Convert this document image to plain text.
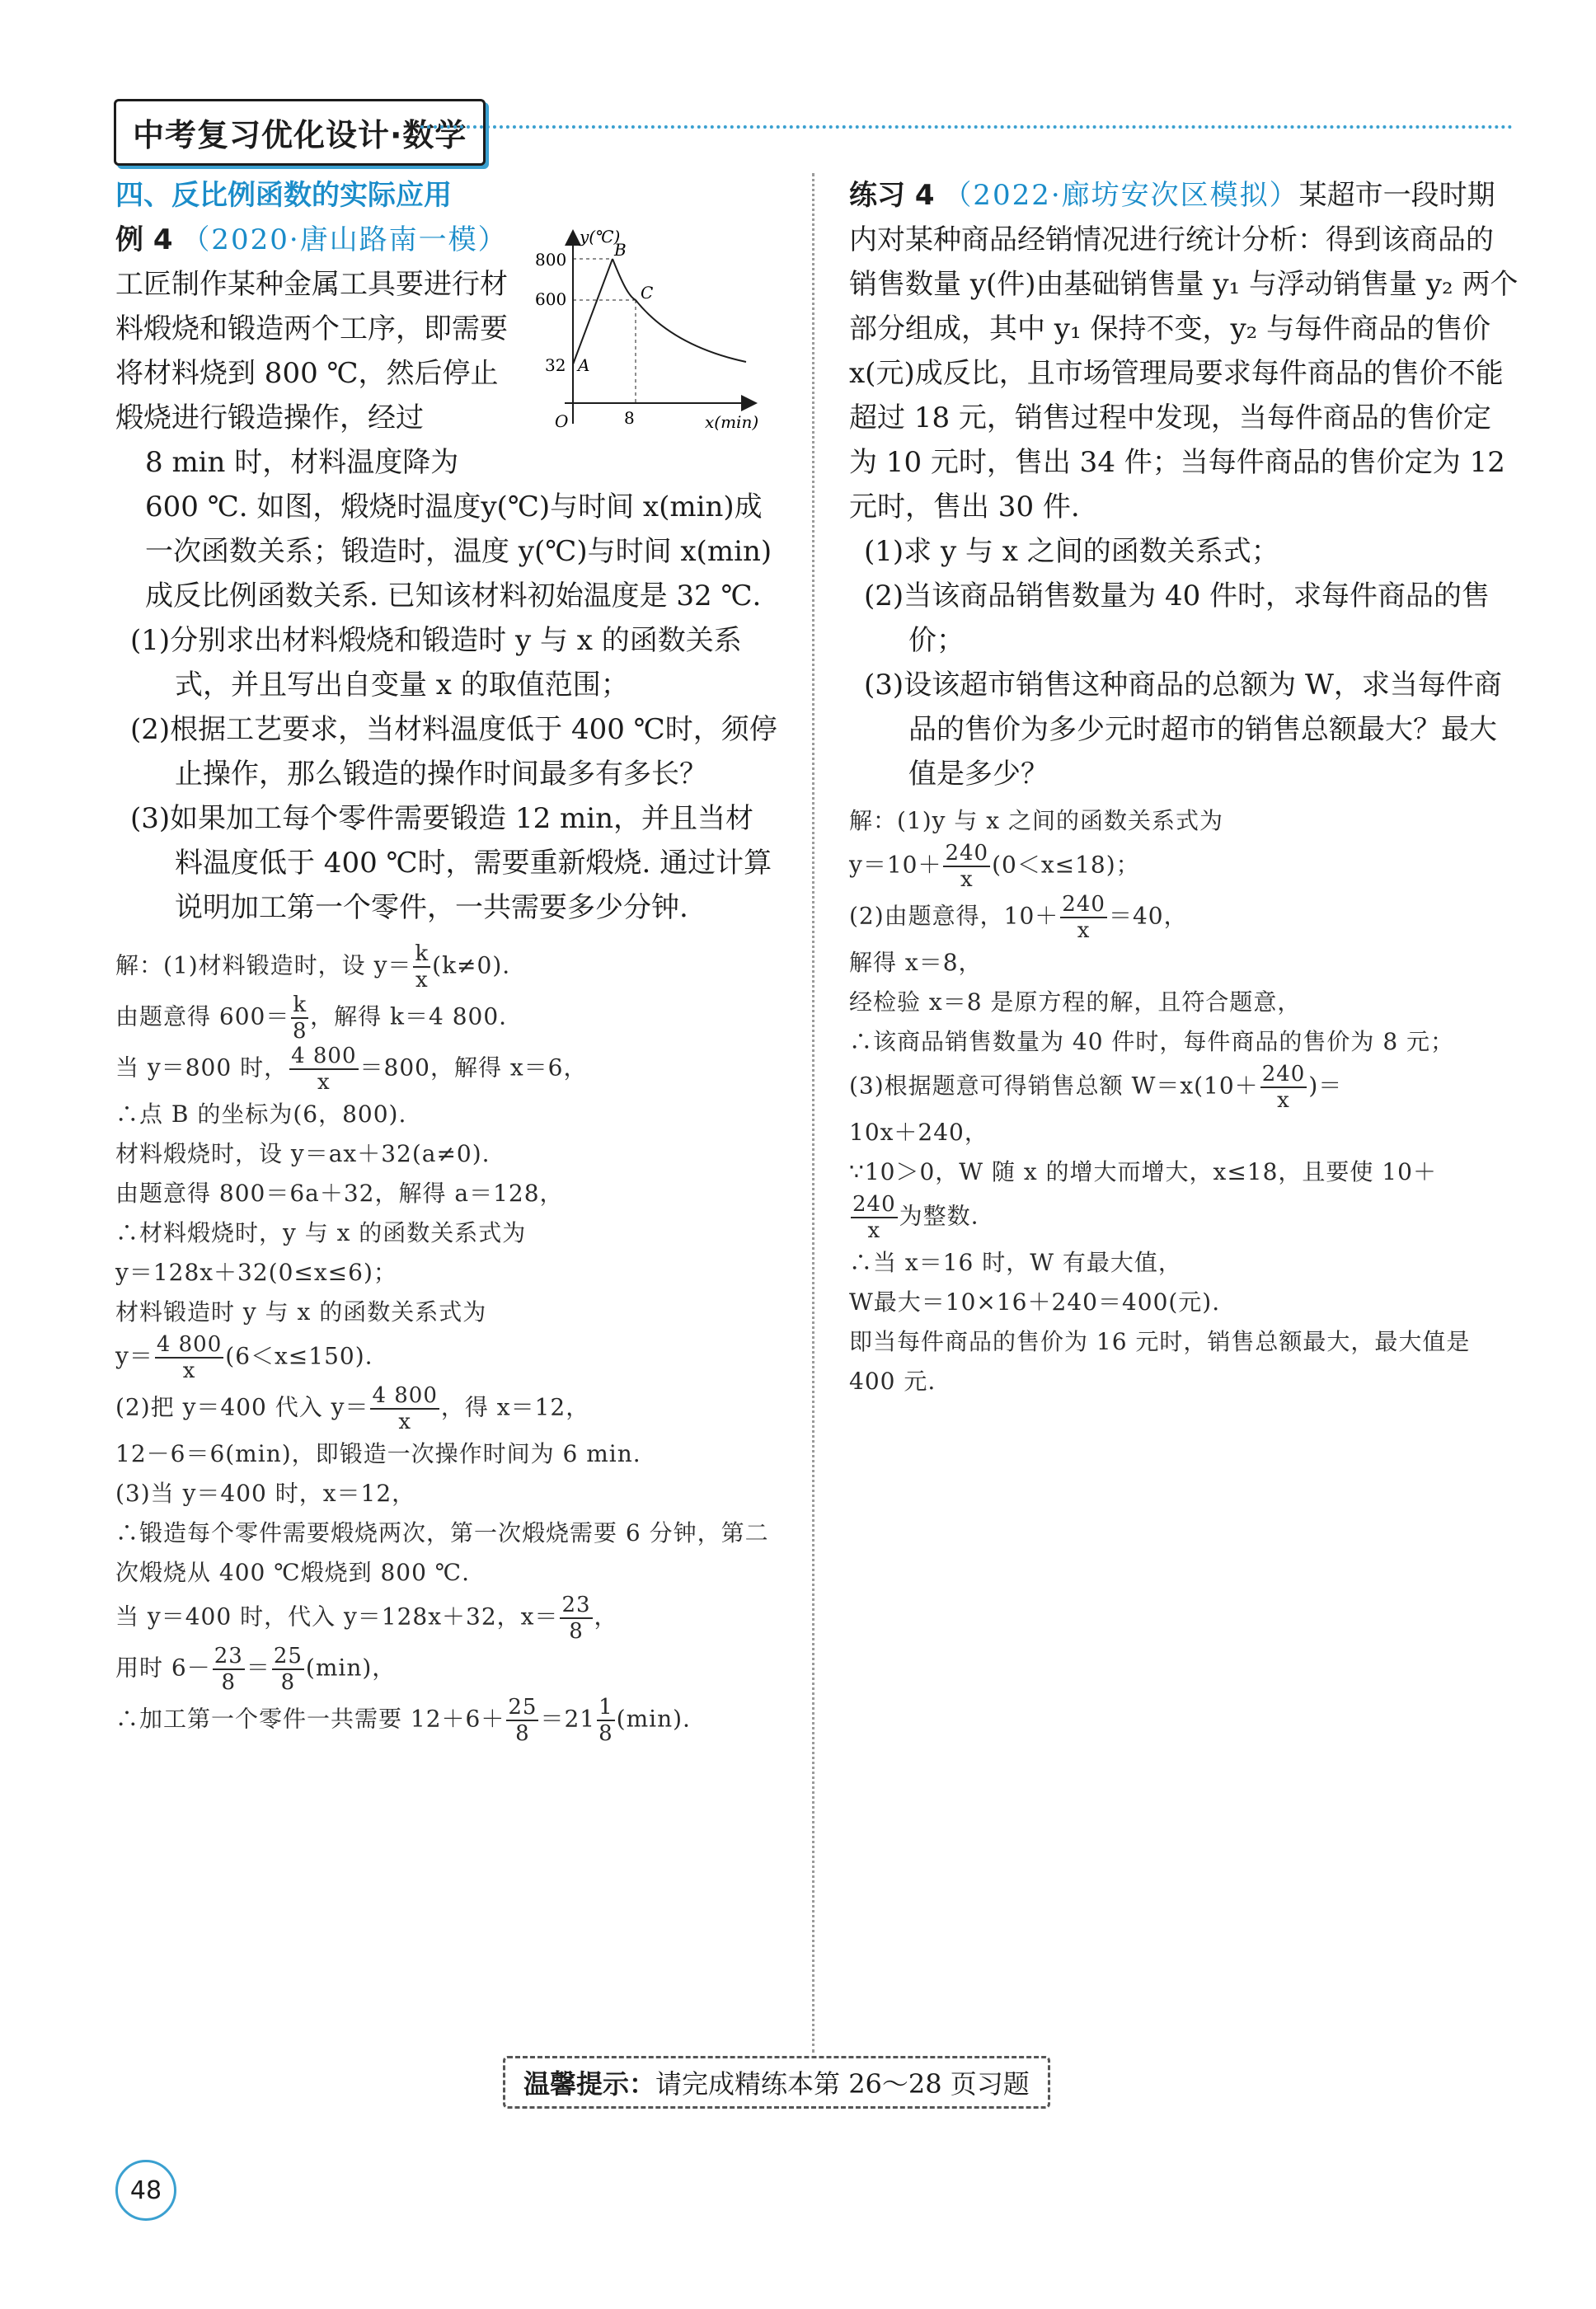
中考复习优化设计·数学

四、反比例函数的实际应用

y(℃)
x(min)
O
800
600
32
8
A
B
C

例 4 （2020·唐山路南一模）工匠制作某种金属工具要进行材料煅烧和锻造两个工序，即需要将材料烧到 800 ℃，然后停止煅烧进行锻造操作，经过

8 min 时，材料温度降为 600 ℃. 如图，煅烧时温度y(℃)与时间 x(min)成一次函数关系；锻造时，温度 y(℃)与时间 x(min)成反比例函数关系. 已知该材料初始温度是 32 ℃.

(1)分别求出材料煅烧和锻造时 y 与 x 的函数关系式，并且写出自变量 x 的取值范围；

(2)根据工艺要求，当材料温度低于 400 ℃时，须停止操作，那么锻造的操作时间最多有多长？

(3)如果加工每个零件需要锻造 12 min，并且当材料温度低于 400 ℃时，需要重新煅烧. 通过计算说明加工第一个零件，一共需要多少分钟.

解：(1)材料锻造时，设 $y= \frac{k}{x} (k\ne 0)$.

由题意得 $600= \frac{k}{8}$ ，解得 k＝4 800.

当 y＝800 时， $\frac{4 800}{x} =800$，解得 x＝6，

∴点 B 的坐标为(6，800).

材料煅烧时，设 y＝ax＋32(a≠0).

由题意得 800＝6a＋32，解得 a＝128，

∴材料煅烧时，y 与 x 的函数关系式为

y＝128x＋32(0≤x≤6)；

材料锻造时 y 与 x 的函数关系式为

$y= \frac{4 800}{x} (6<x\le 150)$.

(2)把 y＝400 代入 $y= \frac{4 800}{x}$ ，得 x＝12，

12－6＝6(min)，即锻造一次操作时间为 6 min.

(3)当 y＝400 时，x＝12，

∴锻造每个零件需要煅烧两次，第一次煅烧需要 6 分钟，第二次煅烧从 400 ℃煅烧到 800 ℃.

当 y＝400 时，代入 y＝128x＋32，$x= \frac{23}{8}$ ，

用时 $6- \frac{23}{8} = \frac{25}{8} (\min)$，

∴加工第一个零件一共需要 $12+6+ \frac{25}{8} =21 \frac{1}{8} (\min)$.

练习 4 （2022·廊坊安次区模拟）某超市一段时期内对某种商品经销情况进行统计分析：得到该商品的销售数量 y(件)由基础销售量 y₁ 与浮动销售量 y₂ 两个部分组成，其中 y₁ 保持不变，y₂ 与每件商品的售价 x(元)成反比，且市场管理局要求每件商品的售价不能超过 18 元，销售过程中发现，当每件商品的售价定为 10 元时，售出 34 件；当每件商品的售价定为 12 元时，售出 30 件.

(1)求 y 与 x 之间的函数关系式；

(2)当该商品销售数量为 40 件时，求每件商品的售价；

(3)设该超市销售这种商品的总额为 W，求当每件商品的售价为多少元时超市的销售总额最大？最大值是多少？

解：(1)y 与 x 之间的函数关系式为

$y=10+ \frac{240}{x} (0<x\le 18)$；

(2)由题意得，$10+ \frac{240}{x} =40$，

解得 x＝8，

经检验 x＝8 是原方程的解，且符合题意，

∴该商品销售数量为 40 件时，每件商品的售价为 8 元；

(3)根据题意可得销售总额 $W=x(10+ \frac{240}{x}$ )＝

10x＋240，

∵10＞0，W 随 x 的增大而增大，x≤18，且要使 10＋

$\frac{240}{x}$ 为整数.

∴当 x＝16 时，W 有最大值，

W最大＝10×16＋240＝400(元).

即当每件商品的售价为 16 元时，销售总额最大，最大值是 400 元.

温馨提示：请完成精练本第 26～28 页习题
48
